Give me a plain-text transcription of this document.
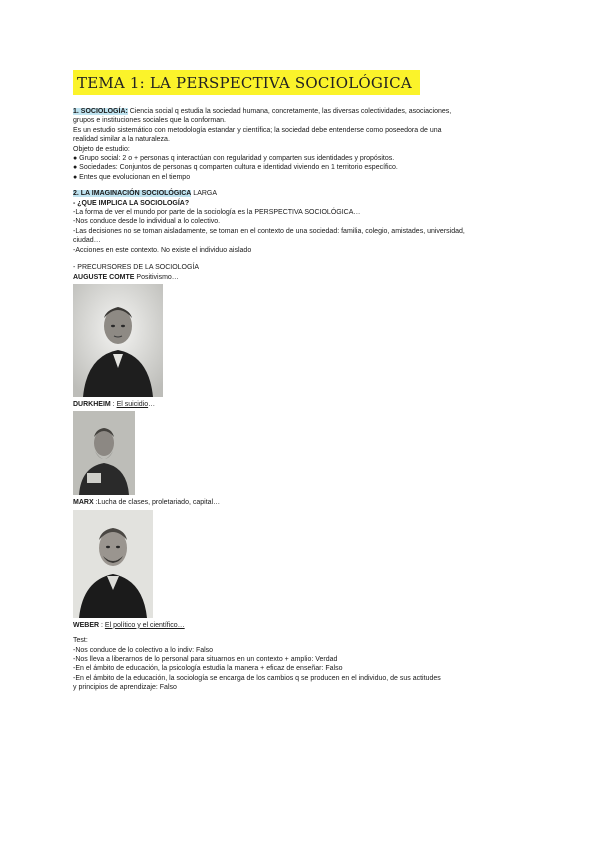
TEMA 1: LA PERSPECTIVA SOCIOLÓGICA

1. SOCIOLOGÍA: Ciencia social q estudia la sociedad humana, concretamente, las diversas colectividades, asociaciones,

grupos e instituciones sociales que la conforman.

Es un estudio sistemático con metodología estandar y científica; la sociedad debe entenderse como poseedora de una

realidad similar a la naturaleza.

Objeto de estudio:

● Grupo social: 2 o + personas q interactúan con regularidad y comparten sus identidades y propósitos.

● Sociedades: Conjuntos de personas q comparten cultura e identidad viviendo en 1 territorio específico.

● Entes que evolucionan en el tiempo

2. LA IMAGINACIÓN SOCIOLÓGICA LARGA

- ¿QUE IMPLICA LA SOCIOLOGÍA?

-La forma de ver el mundo por parte de la sociología es la PERSPECTIVA SOCIOLÓGICA…

-Nos conduce desde lo individual a lo colectivo.

-Las decisiones no se toman aisladamente, se toman en el contexto de una sociedad: familia, colegio, amistades, universidad,

ciudad…

-Acciones en este contexto. No existe el individuo aislado

- PRECURSORES DE LA SOCIOLOGÍA

AUGUSTE COMTE Positivismo…

DURKHEIM : El suicidio…

MARX :Lucha de clases, proletariado, capital…

WEBER : El político y el científico…

Test:

-Nos conduce de lo colectivo a lo indiv: Falso

-Nos lleva a liberarnos de lo personal para situarnos en un contexto + amplio: Verdad

-En el ámbito de educación, la psicología estudia la manera + eficaz de enseñar: Falso

-En el ámbito de la educación, la sociología se encarga de los cambios q se producen en el individuo, de sus actitudes

y principios de aprendizaje: Falso
